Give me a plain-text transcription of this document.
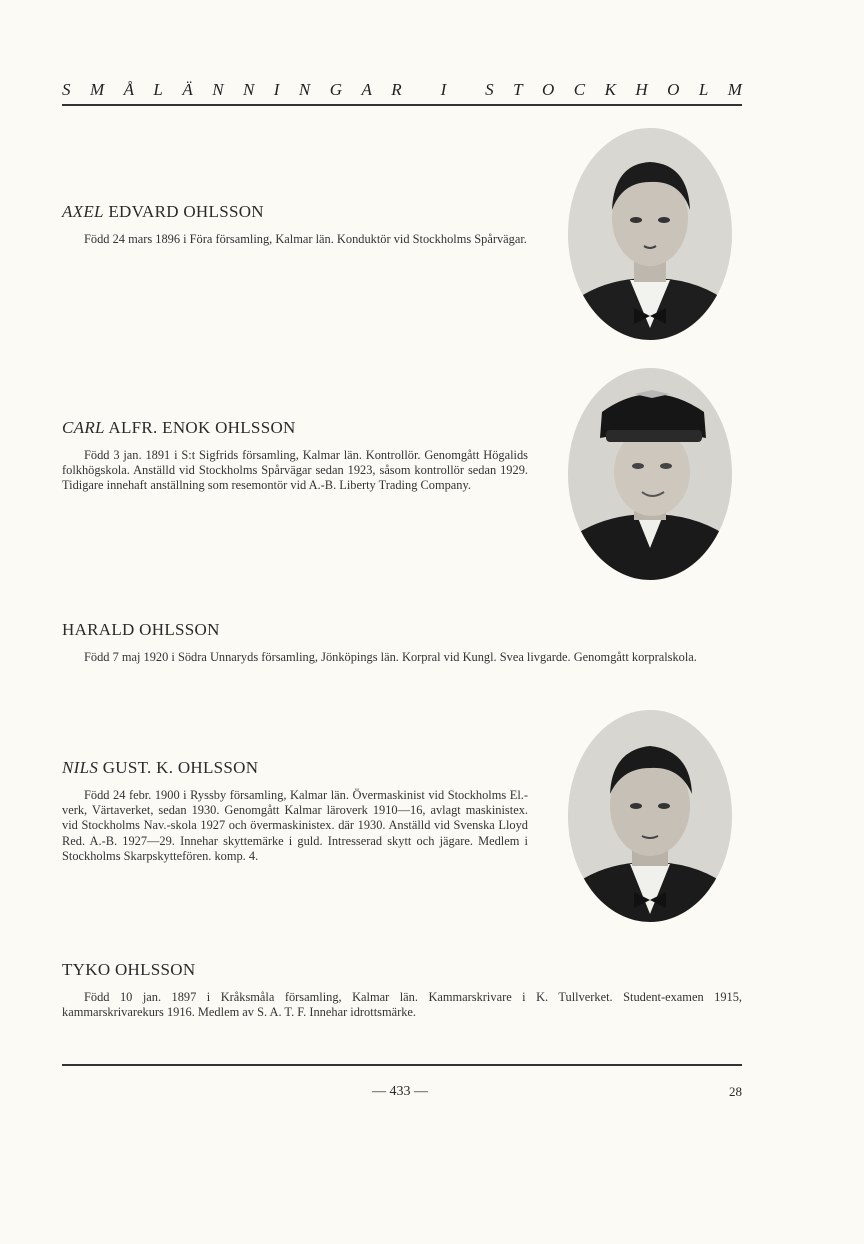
S M Å L Ä N N I N G A R I S T O C K H O L M
AXEL EDVARD OHLSSON

Född 24 mars 1896 i Föra församling, Kalmar län. Konduktör vid Stockholms Spårvägar.

CARL ALFR. ENOK OHLSSON

Född 3 jan. 1891 i S:t Sigfrids församling, Kalmar län. Kontrollör. Genomgått Högalids folkhögskola. Anställd vid Stockholms Spårvägar sedan 1923, såsom kontrollör sedan 1929. Tidigare innehaft anställning som resemontör vid A.-B. Liberty Trading Company.

HARALD OHLSSON

Född 7 maj 1920 i Södra Unnaryds församling, Jönköpings län. Korpral vid Kungl. Svea livgarde. Genomgått korpralskola.

NILS GUST. K. OHLSSON

Född 24 febr. 1900 i Ryssby församling, Kalmar län. Övermaskinist vid Stockholms El.-verk, Värtaverket, sedan 1930. Genomgått Kalmar läroverk 1910—16, avlagt maskinistex. vid Stockholms Nav.-skola 1927 och övermaskinistex. där 1930. Anställd vid Svenska Lloyd Red. A.-B. 1927—29. Innehar skyttemärke i guld. Intresserad skytt och jägare. Medlem i Stockholms Skarpskyttefören. komp. 4.

TYKO OHLSSON

Född 10 jan. 1897 i Kråksmåla församling, Kalmar län. Kammarskrivare i K. Tullverket. Student-examen 1915, kammarskrivarekurs 1916. Medlem av S. A. T. F. Innehar idrottsmärke.

— 433 —	28
